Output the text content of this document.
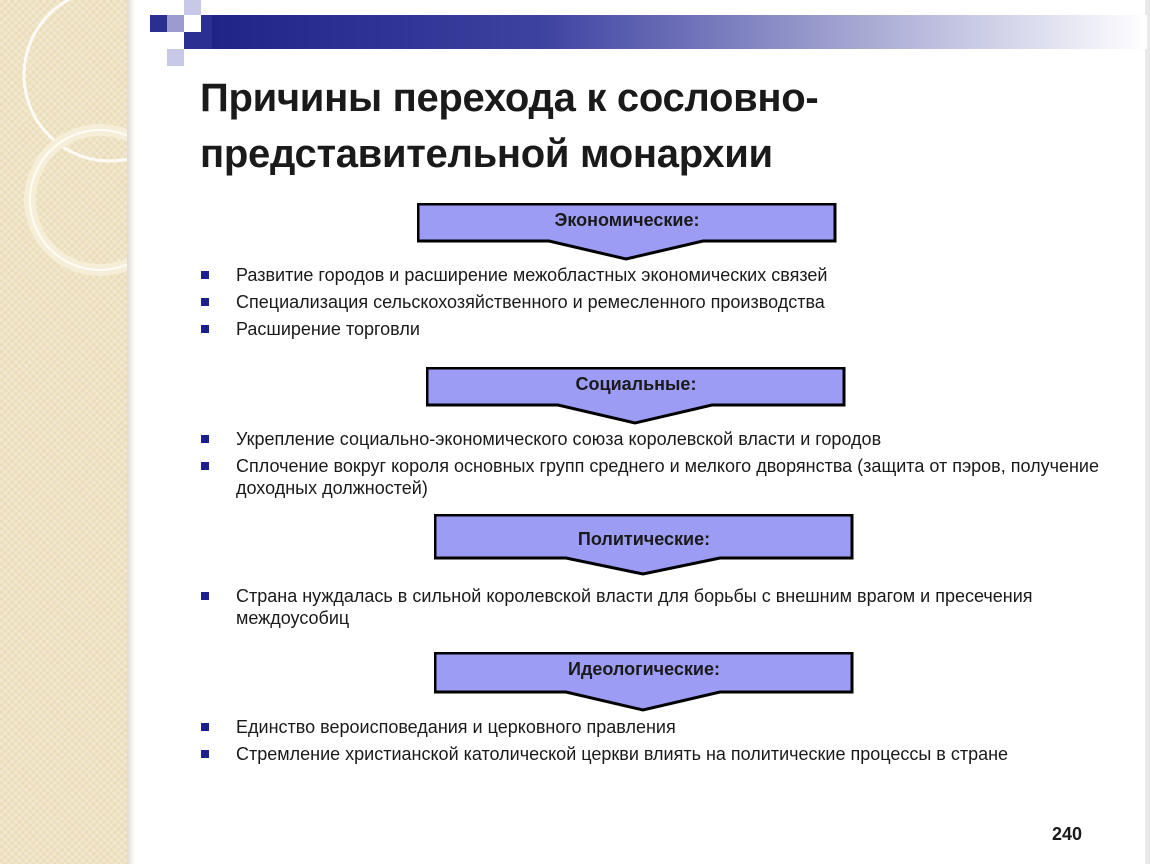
Причины перехода к сословно-представительной монархии
Экономические:
Развитие городов и расширение межобластных экономических связей
Специализация сельскохозяйственного и ремесленного производства
Расширение торговли
Социальные:
Укрепление социально-экономического союза королевской власти и городов
Сплочение вокруг короля основных групп среднего и мелкого дворянства (защита от пэров, получение доходных должностей)
Политические:
Страна нуждалась в сильной королевской власти для борьбы с внешним врагом и пресечения междоусобиц
Идеологические:
Единство вероисповедания и церковного правления
Стремление христианской католической церкви влиять на политические процессы в стране
240
